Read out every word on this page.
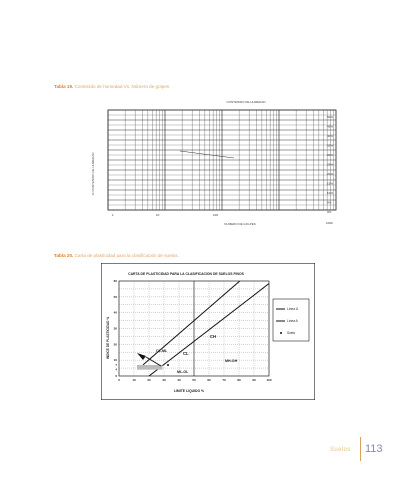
Tabla 19. Contenido de humedad Vs. Número de golpes
CONTENIDO DE HUMEDAD
% CONTENIDO DE HUMEDAD
NUMERO DE GOLPES
1	10	100
1000
50%
45%
40%
35%
30%
25%
20%
15%
10%
5%
0%
Tabla 20. Carta de plasticidad para la clasificación de suelos.
CARTA DE PLASTICIDAD PARA LA CLASIFICACION DE SUELOS FINOS
0	10	20	30	40	50	60	70	80	90	100
0
4
7
10
20
30
40
50
60
INDICE DE PLASTICIDAD %
LIMITE LIQUIDO %
CH
CL
CL-ML
ML-OL
MH-OH
Línea U
Línea A
Suelo
Suelos 113
